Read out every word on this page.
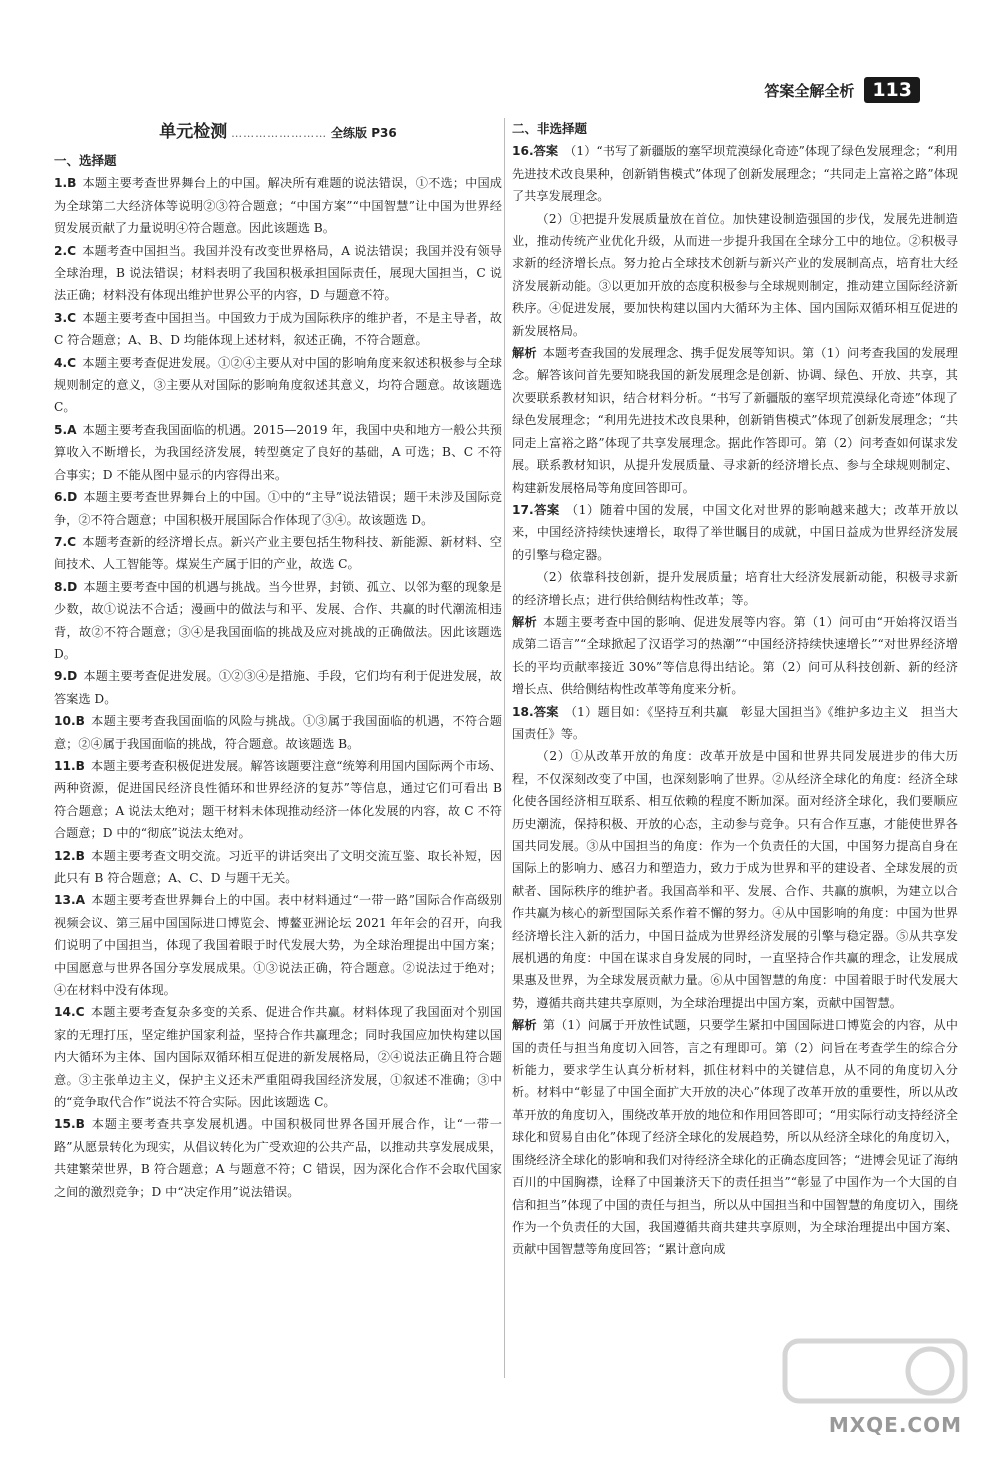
答案全解全析 113
单元检测 …………………… 全练版 P36

一、选择题

1.B 本题主要考查世界舞台上的中国。解决所有难题的说法错误，①不选；中国成为全球第二大经济体等说明②③符合题意；“中国方案”“中国智慧”让中国为世界经贸发展贡献了力量说明④符合题意。因此该题选 B。

2.C 本题考查中国担当。我国并没有改变世界格局，A 说法错误；我国并没有领导全球治理，B 说法错误；材料表明了我国积极承担国际责任，展现大国担当，C 说法正确；材料没有体现出维护世界公平的内容，D 与题意不符。

3.C 本题主要考查中国担当。中国致力于成为国际秩序的维护者，不是主导者，故 C 符合题意；A、B、D 均能体现上述材料，叙述正确，不符合题意。

4.C 本题主要考查促进发展。①②④主要从对中国的影响角度来叙述积极参与全球规则制定的意义，③主要从对国际的影响角度叙述其意义，均符合题意。故该题选 C。

5.A 本题主要考查我国面临的机遇。2015—2019 年，我国中央和地方一般公共预算收入不断增长，为我国经济发展，转型奠定了良好的基础，A 可选；B、C 不符合事实；D 不能从图中显示的内容得出来。

6.D 本题主要考查世界舞台上的中国。①中的“主导”说法错误；题干未涉及国际竞争，②不符合题意；中国积极开展国际合作体现了③④。故该题选 D。

7.C 本题考查新的经济增长点。新兴产业主要包括生物科技、新能源、新材料、空间技术、人工智能等。煤炭生产属于旧的产业，故选 C。

8.D 本题主要考查中国的机遇与挑战。当今世界，封锁、孤立、以邻为壑的现象是少数，故①说法不合适；漫画中的做法与和平、发展、合作、共赢的时代潮流相违背，故②不符合题意；③④是我国面临的挑战及应对挑战的正确做法。因此该题选 D。

9.D 本题主要考查促进发展。①②③④是措施、手段，它们均有利于促进发展，故答案选 D。

10.B 本题主要考查我国面临的风险与挑战。①③属于我国面临的机遇，不符合题意；②④属于我国面临的挑战，符合题意。故该题选 B。

11.B 本题主要考查积极促进发展。解答该题要注意“统筹利用国内国际两个市场、两种资源，促进国民经济良性循环和世界经济的复苏”等信息，通过它们可看出 B 符合题意；A 说法太绝对；题干材料未体现推动经济一体化发展的内容，故 C 不符合题意；D 中的“彻底”说法太绝对。

12.B 本题主要考查文明交流。习近平的讲话突出了文明交流互鉴、取长补短，因此只有 B 符合题意；A、C、D 与题干无关。

13.A 本题主要考查世界舞台上的中国。表中材料通过“一带一路”国际合作高级别视频会议、第三届中国国际进口博览会、博鳌亚洲论坛 2021 年年会的召开，向我们说明了中国担当，体现了我国着眼于时代发展大势，为全球治理提出中国方案；中国愿意与世界各国分享发展成果。①③说法正确，符合题意。②说法过于绝对；④在材料中没有体现。

14.C 本题主要考查复杂多变的关系、促进合作共赢。材料体现了我国面对个别国家的无理打压，坚定维护国家利益，坚持合作共赢理念；同时我国应加快构建以国内大循环为主体、国内国际双循环相互促进的新发展格局，②④说法正确且符合题意。③主张单边主义，保护主义还未严重阻碍我国经济发展，①叙述不准确；③中的“竞争取代合作”说法不符合实际。因此该题选 C。

15.B 本题主要考查共享发展机遇。中国积极同世界各国开展合作，让“一带一路”从愿景转化为现实，从倡议转化为广受欢迎的公共产品，以推动共享发展成果，共建繁荣世界，B 符合题意；A 与题意不符；C 错误，因为深化合作不会取代国家之间的激烈竞争；D 中“决定作用”说法错误。

二、非选择题

16.答案 （1）“书写了新疆版的塞罕坝荒漠绿化奇迹”体现了绿色发展理念；“利用先进技术改良果种，创新销售模式”体现了创新发展理念；“共同走上富裕之路”体现了共享发展理念。

（2）①把提升发展质量放在首位。加快建设制造强国的步伐，发展先进制造业，推动传统产业优化升级，从而进一步提升我国在全球分工中的地位。②积极寻求新的经济增长点。努力抢占全球技术创新与新兴产业的发展制高点，培育壮大经济发展新动能。③以更加开放的态度积极参与全球规则制定，推动建立国际经济新秩序。④促进发展，要加快构建以国内大循环为主体、国内国际双循环相互促进的新发展格局。

解析 本题考查我国的发展理念、携手促发展等知识。第（1）问考查我国的发展理念。解答该问首先要知晓我国的新发展理念是创新、协调、绿色、开放、共享，其次要联系教材知识，结合材料分析。“书写了新疆版的塞罕坝荒漠绿化奇迹”体现了绿色发展理念；“利用先进技术改良果种，创新销售模式”体现了创新发展理念；“共同走上富裕之路”体现了共享发展理念。据此作答即可。第（2）问考查如何谋求发展。联系教材知识，从提升发展质量、寻求新的经济增长点、参与全球规则制定、构建新发展格局等角度回答即可。

17.答案 （1）随着中国的发展，中国文化对世界的影响越来越大；改革开放以来，中国经济持续快速增长，取得了举世瞩目的成就，中国日益成为世界经济发展的引擎与稳定器。

（2）依靠科技创新，提升发展质量；培育壮大经济发展新动能，积极寻求新的经济增长点；进行供给侧结构性改革；等。

解析 本题主要考查中国的影响、促进发展等内容。第（1）问可由“开始将汉语当成第二语言”“全球掀起了汉语学习的热潮”“中国经济持续快速增长”“对世界经济增长的平均贡献率接近 30%”等信息得出结论。第（2）问可从科技创新、新的经济增长点、供给侧结构性改革等角度来分析。

18.答案 （1）题目如：《坚持互利共赢　彰显大国担当》《维护多边主义　担当大国责任》等。

（2）①从改革开放的角度：改革开放是中国和世界共同发展进步的伟大历程，不仅深刻改变了中国，也深刻影响了世界。②从经济全球化的角度：经济全球化使各国经济相互联系、相互依赖的程度不断加深。面对经济全球化，我们要顺应历史潮流，保持积极、开放的心态，主动参与竞争。只有合作互惠，才能使世界各国共同发展。③从中国担当的角度：作为一个负责任的大国，中国努力提高自身在国际上的影响力、感召力和塑造力，致力于成为世界和平的建设者、全球发展的贡献者、国际秩序的维护者。我国高举和平、发展、合作、共赢的旗帜，为建立以合作共赢为核心的新型国际关系作着不懈的努力。④从中国影响的角度：中国为世界经济增长注入新的活力，中国日益成为世界经济发展的引擎与稳定器。⑤从共享发展机遇的角度：中国在谋求自身发展的同时，一直坚持合作共赢的理念，让发展成果惠及世界，为全球发展贡献力量。⑥从中国智慧的角度：中国着眼于时代发展大势，遵循共商共建共享原则，为全球治理提出中国方案，贡献中国智慧。

解析 第（1）问属于开放性试题，只要学生紧扣中国国际进口博览会的内容，从中国的责任与担当角度切入回答，言之有理即可。第（2）问旨在考查学生的综合分析能力，要求学生认真分析材料，抓住材料中的关键信息，从不同的角度切入分析。材料中“彰显了中国全面扩大开放的决心”体现了改革开放的重要性，所以从改革开放的角度切入，围绕改革开放的地位和作用回答即可；“用实际行动支持经济全球化和贸易自由化”体现了经济全球化的发展趋势，所以从经济全球化的角度切入，围绕经济全球化的影响和我们对待经济全球化的正确态度回答；“进博会见证了海纳百川的中国胸襟，诠释了中国兼济天下的责任担当”“彰显了中国作为一个大国的自信和担当”体现了中国的责任与担当，所以从中国担当和中国智慧的角度切入，围绕作为一个负责任的大国，我国遵循共商共建共享原则，为全球治理提出中国方案、贡献中国智慧等角度回答；“累计意向成

MXQE.COM
